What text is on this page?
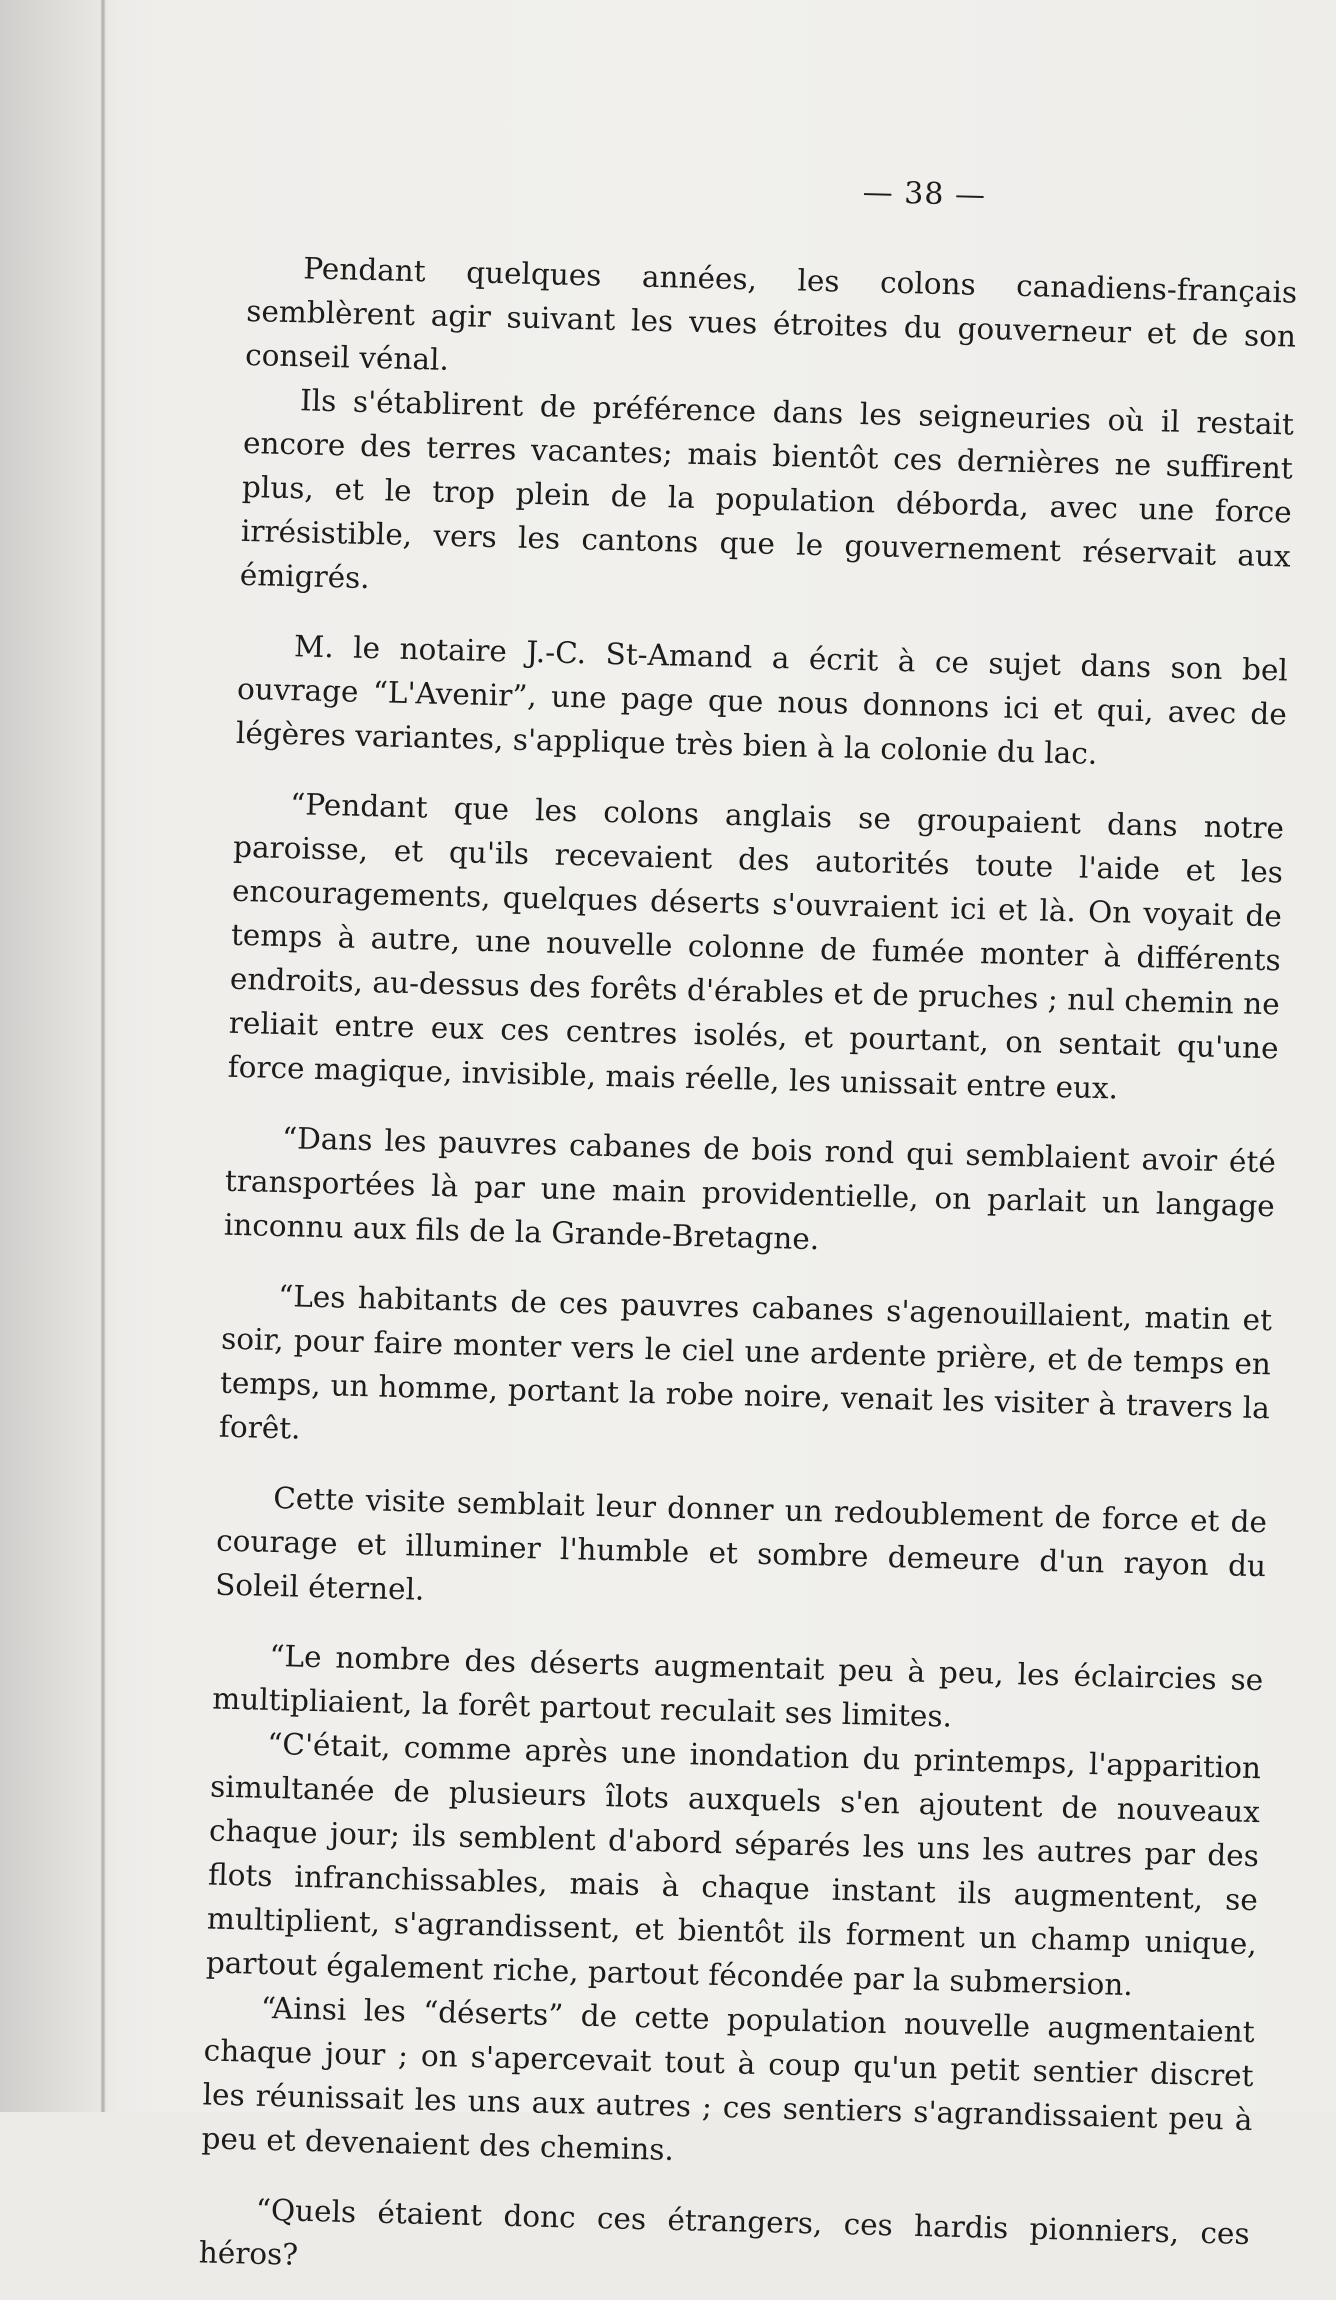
— 38 —

Pendant quelques années, les colons canadiens-français semblèrent agir suivant les vues étroites du gouverneur et de son conseil vénal.

Ils s'établirent de préférence dans les seigneuries où il restait encore des terres vacantes; mais bientôt ces dernières ne suffirent plus, et le trop plein de la population déborda, avec une force irrésistible, vers les cantons que le gouvernement réservait aux émigrés.

M. le notaire J.-C. St-Amand a écrit à ce sujet dans son bel ouvrage “L'Avenir”, une page que nous donnons ici et qui, avec de légères variantes, s'applique très bien à la colonie du lac.

“Pendant que les colons anglais se groupaient dans notre paroisse, et qu'ils recevaient des autorités toute l'aide et les encouragements, quelques déserts s'ouvraient ici et là. On voyait de temps à autre, une nouvelle colonne de fumée monter à différents endroits, au-dessus des forêts d'érables et de pruches ; nul chemin ne reliait entre eux ces centres isolés, et pourtant, on sentait qu'une force magique, invisible, mais réelle, les unissait entre eux.

“Dans les pauvres cabanes de bois rond qui semblaient avoir été transportées là par une main providentielle, on parlait un langage inconnu aux fils de la Grande-Bretagne.

“Les habitants de ces pauvres cabanes s'agenouillaient, matin et soir, pour faire monter vers le ciel une ardente prière, et de temps en temps, un homme, portant la robe noire, venait les visiter à travers la forêt.

Cette visite semblait leur donner un redoublement de force et de courage et illuminer l'humble et sombre demeure d'un rayon du Soleil éternel.

“Le nombre des déserts augmentait peu à peu, les éclaircies se multipliaient, la forêt partout reculait ses limites.

“C'était, comme après une inondation du printemps, l'apparition simultanée de plusieurs îlots auxquels s'en ajoutent de nouveaux chaque jour; ils semblent d'abord séparés les uns les autres par des flots infranchissables, mais à chaque instant ils augmentent, se multiplient, s'agrandissent, et bientôt ils forment un champ unique, partout également riche, partout fécondée par la submersion.

“Ainsi les “déserts” de cette population nouvelle augmentaient chaque jour ; on s'apercevait tout à coup qu'un petit sentier discret les réunissait les uns aux autres ; ces sentiers s'agrandissaient peu à peu et devenaient des chemins.

“Quels étaient donc ces étrangers, ces hardis pionniers, ces héros?
